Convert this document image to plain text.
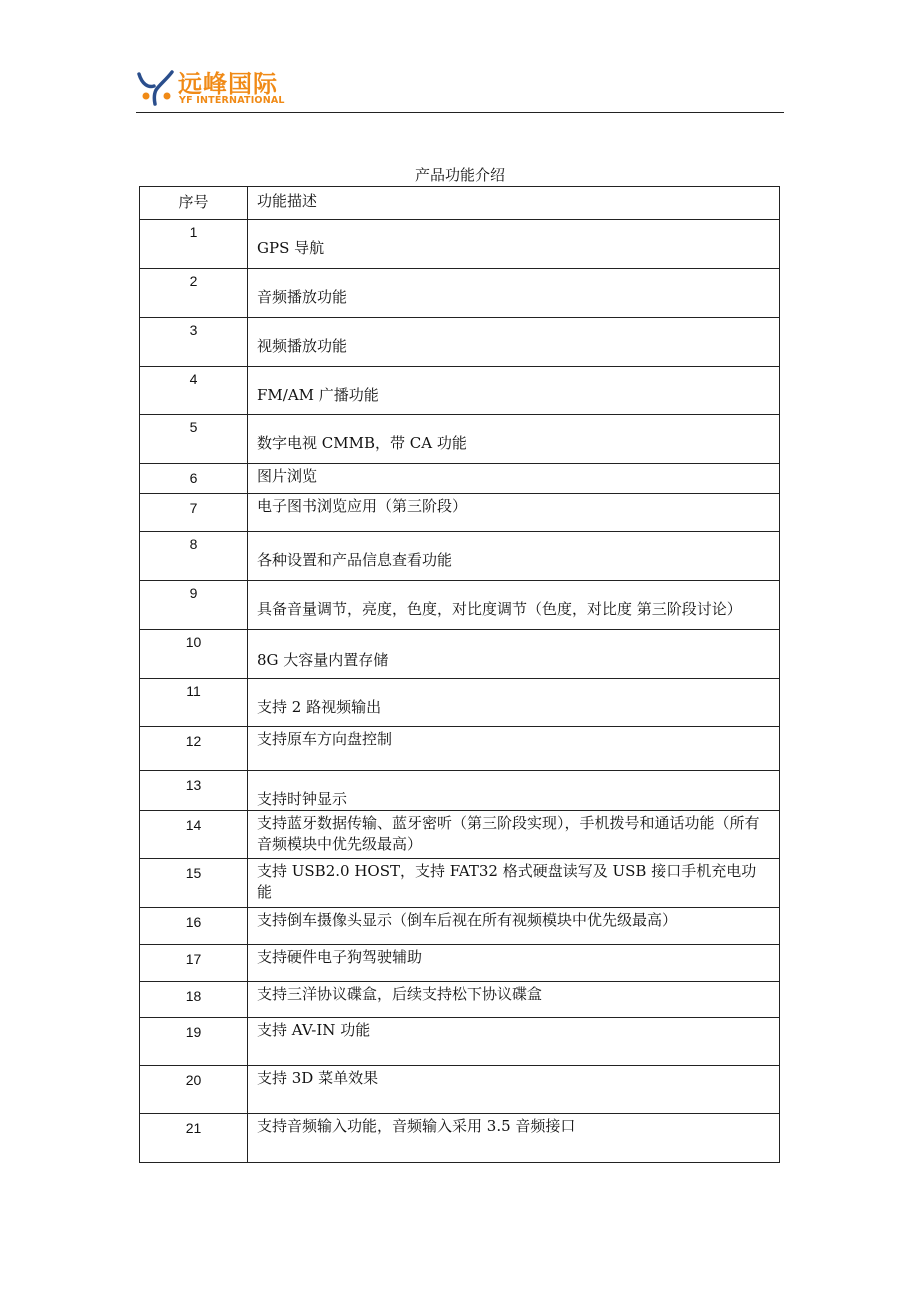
远峰国际
YF INTERNATIONAL
产品功能介绍
序号	功能描述

1	GPS 导航

2	音频播放功能

3	视频播放功能

4	FM/AM 广播功能

5	数字电视 CMMB，带 CA 功能

6	图片浏览

7	电子图书浏览应用（第三阶段）

8	各种设置和产品信息查看功能

9	具备音量调节，亮度，色度，对比度调节（色度，对比度 第三阶段讨论）

10	8G 大容量内置存储

11	支持 2 路视频输出

12	支持原车方向盘控制

13	支持时钟显示

14	支持蓝牙数据传输、蓝牙密听（第三阶段实现），手机拨号和通话功能（所有音频模块中优先级最高）

15	支持 USB2.0 HOST，支持 FAT32 格式硬盘读写及 USB 接口手机充电功能

16	支持倒车摄像头显示（倒车后视在所有视频模块中优先级最高）

17	支持硬件电子狗驾驶辅助

18	支持三洋协议碟盒，后续支持松下协议碟盒

19	支持 AV-IN 功能

20	支持 3D 菜单效果

21	支持音频输入功能，音频输入采用 3.5 音频接口
